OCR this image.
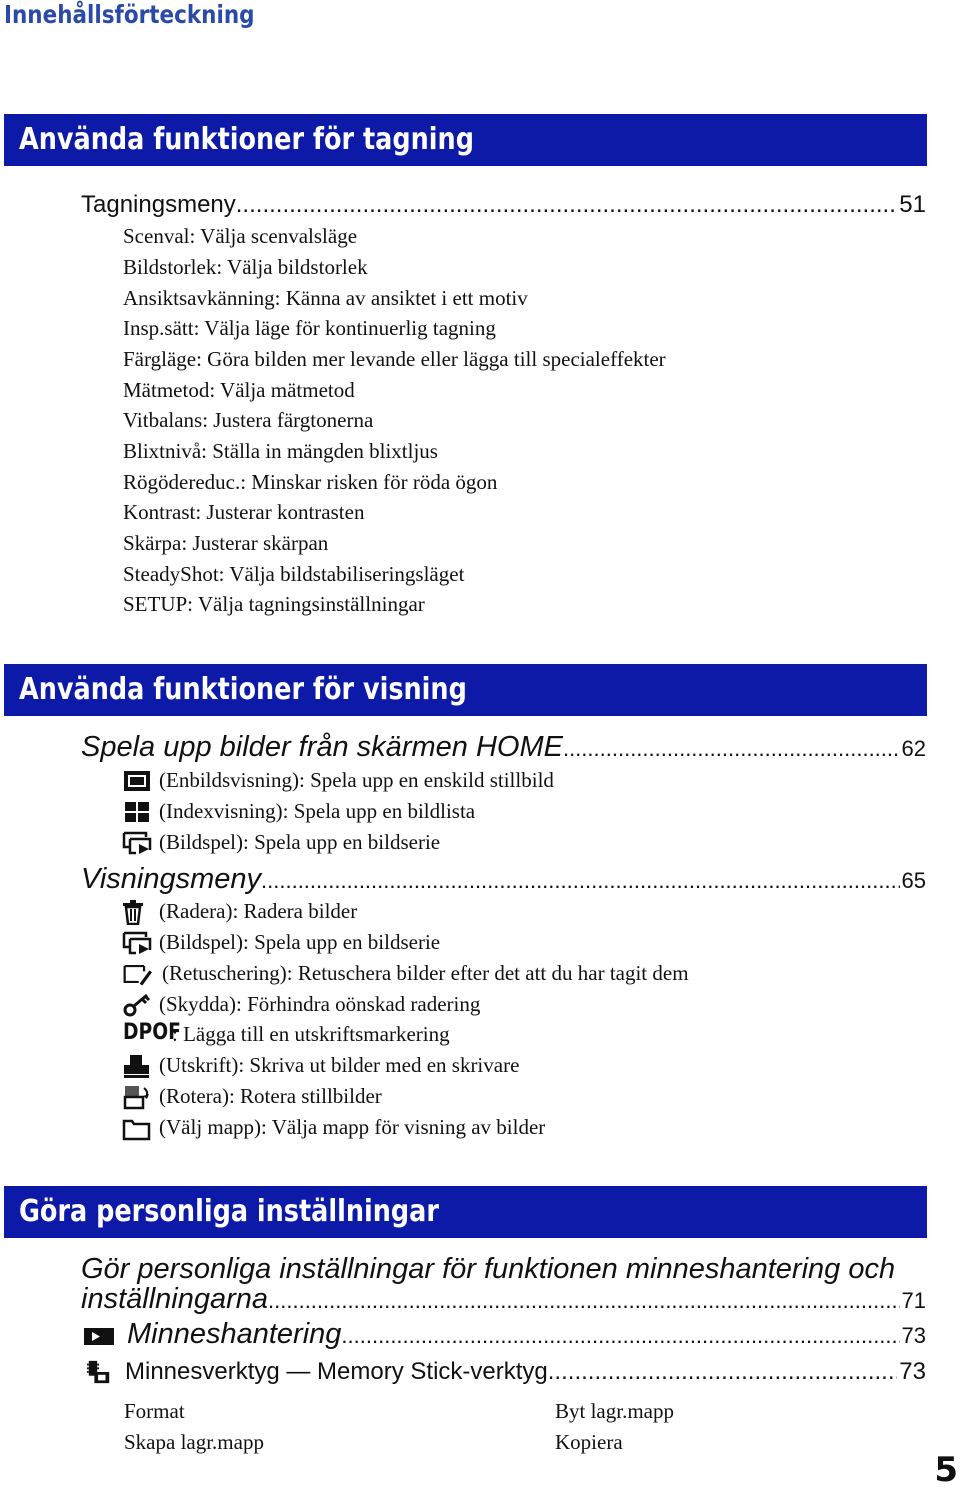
Innehållsförteckning
Använda funktioner för tagning
Tagningsmeny .....	51
Scenval: Välja scenvalsläge
Bildstorlek: Välja bildstorlek
Ansiktsavkänning: Känna av ansiktet i ett motiv
Insp.sätt: Välja läge för kontinuerlig tagning
Färgläge: Göra bilden mer levande eller lägga till specialeffekter
Mätmetod: Välja mätmetod
Vitbalans: Justera färgtonerna
Blixtnivå: Ställa in mängden blixtljus
Rögödereduc.: Minskar risken för röda ögon
Kontrast: Justerar kontrasten
Skärpa: Justerar skärpan
SteadyShot: Välja bildstabiliseringsläget
SETUP: Välja tagningsinställningar
Använda funktioner för visning
Spela upp bilder från skärmen HOME .....	62
(Enbildsvisning): Spela upp en enskild stillbild
(Indexvisning): Spela upp en bildlista
(Bildspel): Spela upp en bildserie
Visningsmeny .....	65
(Radera): Radera bilder
(Bildspel): Spela upp en bildserie
(Retuschering): Retuschera bilder efter det att du har tagit dem
(Skydda): Förhindra oönskad radering
DPOF
: Lägga till en utskriftsmarkering
(Utskrift): Skriva ut bilder med en skrivare
(Rotera): Rotera stillbilder
(Välj mapp): Välja mapp för visning av bilder
Göra personliga inställningar
Gör personliga inställningar för funktionen minneshantering och
inställningarna .....	71
Minneshantering .....	73
Minnesverktyg — Memory Stick-verktyg .....	73
Format	Byt lagr.mapp
Skapa lagr.mapp	Kopiera
5
